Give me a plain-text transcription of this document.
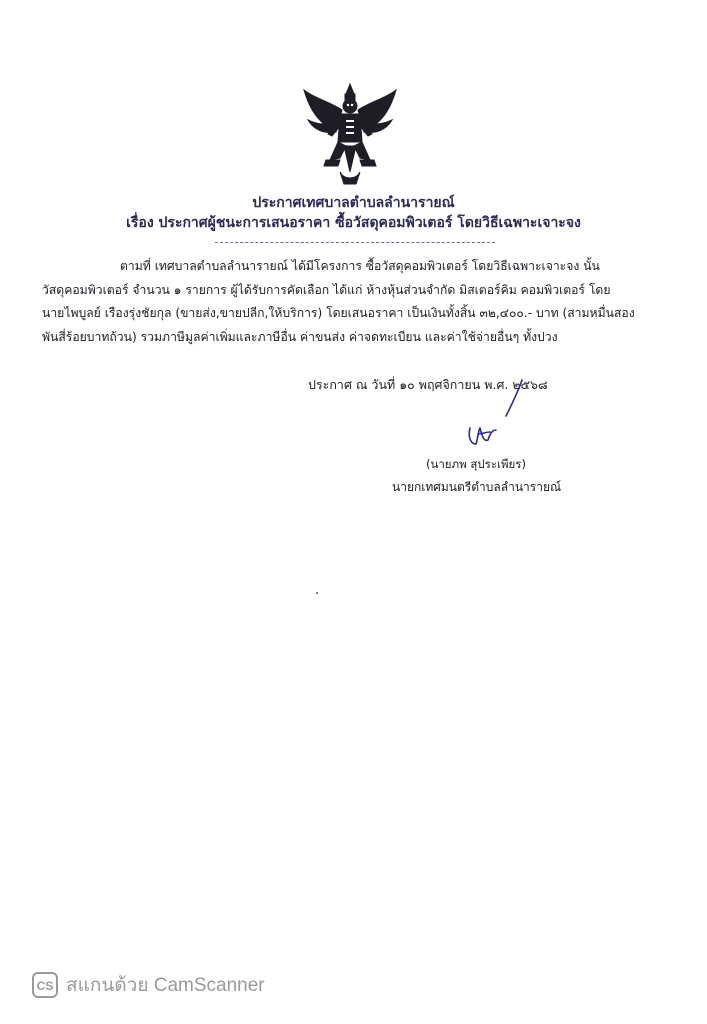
ประกาศเทศบาลตำบลลำนารายณ์
เรื่อง ประกาศผู้ชนะการเสนอราคา ซื้อวัสดุคอมพิวเตอร์ โดยวิธีเฉพาะเจาะจง
ตามที่ เทศบาลตำบลลำนารายณ์ ได้มีโครงการ ซื้อวัสดุคอมพิวเตอร์ โดยวิธีเฉพาะเจาะจง นั้น
วัสดุคอมพิวเตอร์ จำนวน ๑ รายการ ผู้ได้รับการคัดเลือก ได้แก่ ห้างหุ้นส่วนจำกัด มิสเตอร์คิม คอมพิวเตอร์ โดย
นายไพบูลย์ เรืองรุ่งชัยกุล (ขายส่ง,ขายปลีก,ให้บริการ) โดยเสนอราคา เป็นเงินทั้งสิ้น ๓๒,๔๐๐.- บาท (สามหมื่นสอง
พันสี่ร้อยบาทถ้วน) รวมภาษีมูลค่าเพิ่มและภาษีอื่น ค่าขนส่ง ค่าจดทะเบียน และค่าใช้จ่ายอื่นๆ ทั้งปวง
ประกาศ ณ วันที่ ๑๐ พฤศจิกายน พ.ศ. ๒๕๖๘
(นายภพ สุประเพียร)
นายกเทศมนตรีตำบลลำนารายณ์
CS สแกนด้วย CamScanner
